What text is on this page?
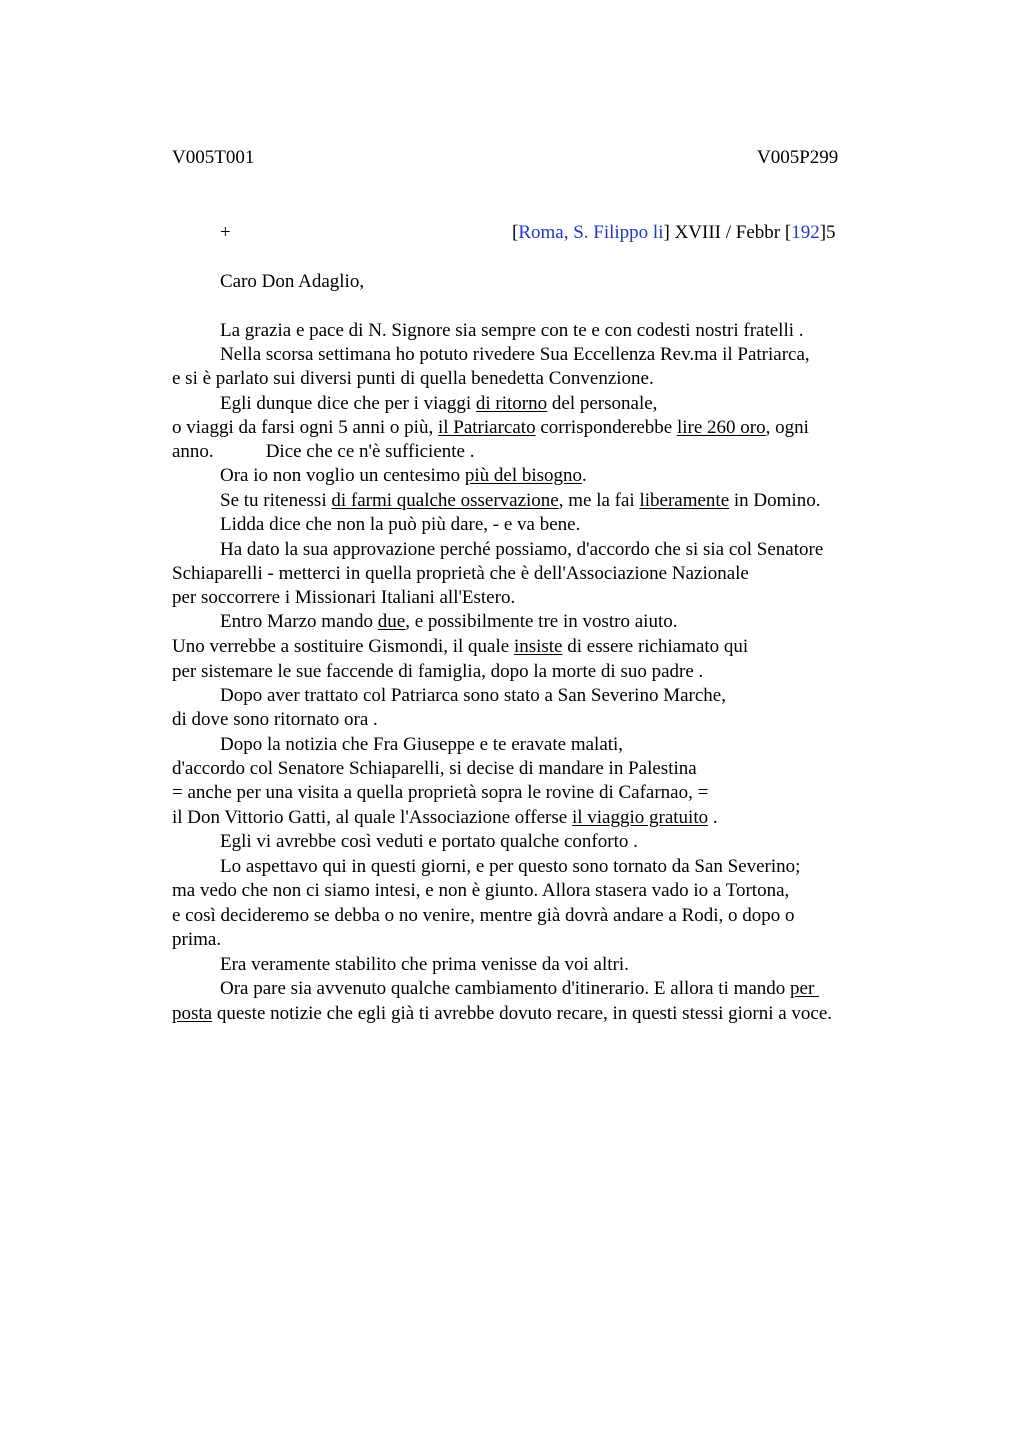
V005T001	V005P299
+	[Roma, S. Filippo li] XVIII / Febbr [192]5
Caro Don Adaglio,
La grazia e pace di N. Signore sia sempre con te e con codesti nostri fratelli .
Nella scorsa settimana ho potuto rivedere Sua Eccellenza Rev.ma il Patriarca,
e si è parlato sui diversi punti di quella benedetta Convenzione.
Egli dunque dice che per i viaggi di ritorno del personale,
o viaggi da farsi ogni 5 anni o più, il Patriarcato corrisponderebbe lire 260 oro, ogni
anno.	Dice che ce n'è sufficiente .
Ora io non voglio un centesimo più del bisogno.
Se tu ritenessi di farmi qualche osservazione, me la fai liberamente in Domino.
Lidda dice che non la può più dare, - e va bene.
Ha dato la sua approvazione perché possiamo, d'accordo che si sia col Senatore
Schiaparelli - metterci in quella proprietà che è dell'Associazione Nazionale
per soccorrere i Missionari Italiani all'Estero.
Entro Marzo mando due, e possibilmente tre in vostro aiuto.
Uno verrebbe a sostituire Gismondi, il quale insiste di essere richiamato qui
per sistemare le sue faccende di famiglia, dopo la morte di suo padre .
Dopo aver trattato col Patriarca sono stato a San Severino Marche,
di dove sono ritornato ora .
Dopo la notizia che Fra Giuseppe e te eravate malati,
d'accordo col Senatore Schiaparelli, si decise di mandare in Palestina
= anche per una visita a quella proprietà sopra le rovine di Cafarnao, =
il Don Vittorio Gatti, al quale l'Associazione offerse il viaggio gratuito .
Egli vi avrebbe così veduti e portato qualche conforto .
Lo aspettavo qui in questi giorni, e per questo sono tornato da San Severino;
ma vedo che non ci siamo intesi, e non è giunto. Allora stasera vado io a Tortona,
e così decideremo se debba o no venire, mentre già dovrà andare a Rodi, o dopo o
prima.
Era veramente stabilito che prima venisse da voi altri.
Ora pare sia avvenuto qualche cambiamento d'itinerario. E allora ti mando per
posta queste notizie che egli già ti avrebbe dovuto recare, in questi stessi giorni a voce.
